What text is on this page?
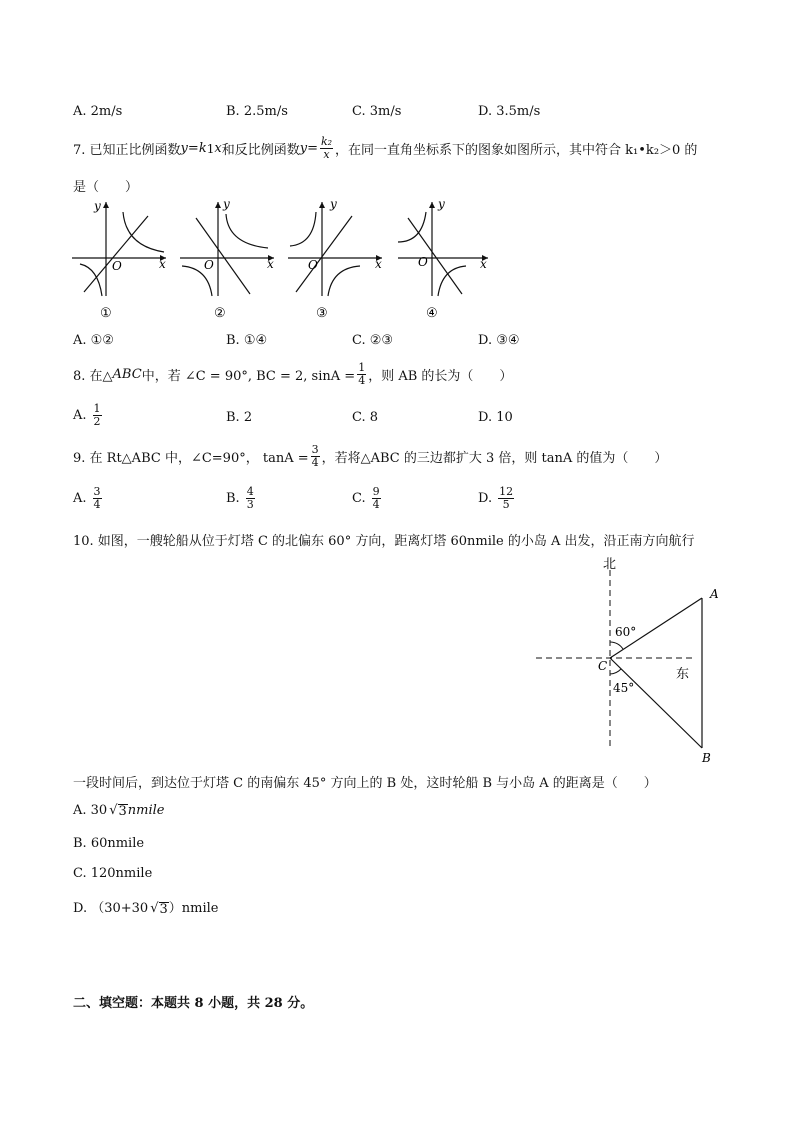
A. 2m/s	B. 2.5m/s	C. 3m/s	D. 3.5m/s
7. 已知正比例函数 y = k 1 x 和反比例函数 $y = \frac{\text{k₂}}{x}$ ，在同一直角坐标系下的图象如图所示，其中符合 k₁•k₂＞0 的
是（　　）
x
y
O
①
x
y
O
②
x
y
O
③
x
y
O
④
A. ①②	B. ①④	C. ②③	D. ③④
8. 在△ ABC 中，若 ∠C = 90°, BC = 2, $\sin A = \frac{1}{4}$ ，则 AB 的长为（　　）
A. $\frac{1}{2}$	B. 2	C. 8	D. 10
9. 在 Rt△ABC 中，∠C=90°， $\tan A = \frac{3}{4}$ ，若将△ABC 的三边都扩大 3 倍，则 tanA 的值为（　　）
A. $\frac{3}{4}$	B. $\frac{4}{3}$	C. $\frac{9}{4}$	D. $\frac{12}{5}$
10. 如图，一艘轮船从位于灯塔 C 的北偏东 60° 方向，距离灯塔 60nmile 的小岛 A 出发，沿正南方向航行
北
东
A
B
C
60°
45°
一段时间后，到达位于灯塔 C 的南偏东 45° 方向上的 B 处，这时轮船 B 与小岛 A 的距离是（　　）
A. 30 √ 3 nmile
B. 60nmile
C. 120nmile
D. （30+30 √ 3 ）nmile
二、填空题：本题共 8 小题，共 28 分。
